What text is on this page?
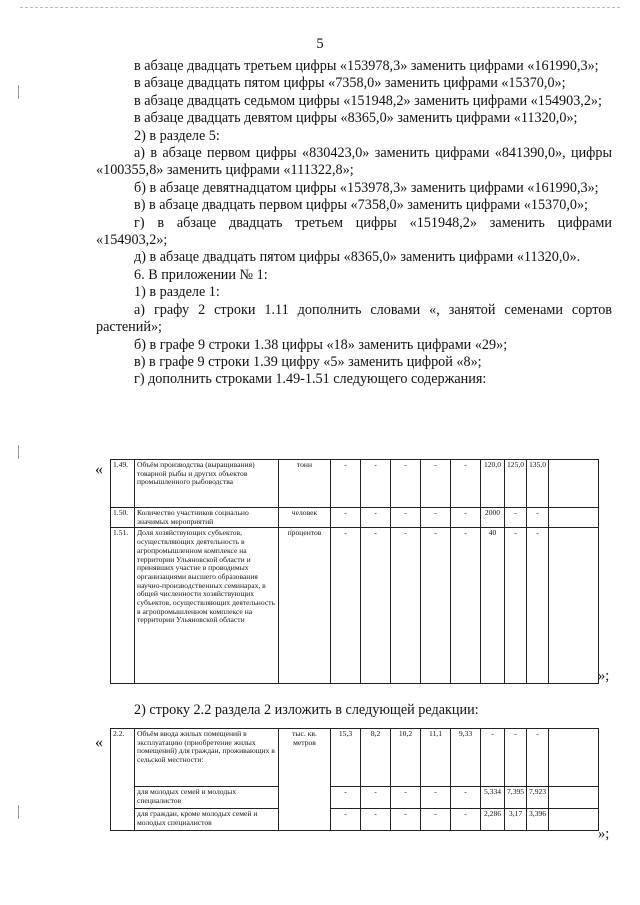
5

в абзаце двадцать третьем цифры «153978,3» заменить цифрами «161990,3»;

в абзаце двадцать пятом цифры «7358,0» заменить цифрами «15370,0»;

в абзаце двадцать седьмом цифры «151948,2» заменить цифрами «154903,2»;

в абзаце двадцать девятом цифры «8365,0» заменить цифрами «11320,0»;

2) в разделе 5:

а) в абзаце первом цифры «830423,0» заменить цифрами «841390,0», цифры «100355,8» заменить цифрами «111322,8»;

б) в абзаце девятнадцатом цифры «153978,3» заменить цифрами «161990,3»;

в) в абзаце двадцать первом цифры «7358,0» заменить цифрами «15370,0»;

г) в абзаце двадцать третьем цифры «151948,2» заменить цифрами «154903,2»;

д) в абзаце двадцать пятом цифры «8365,0» заменить цифрами «11320,0».

6. В приложении № 1:

1) в разделе 1:

а) графу 2 строки 1.11 дополнить словами «, занятой семенами сортов растений»;

б) в графе 9 строки 1.38 цифры «18» заменить цифрами «29»;

в) в графе 9 строки 1.39 цифру «5» заменить цифрой «8»;

г) дополнить строками 1.49-1.51 следующего содержания:

« 1.49.	Объём производства (выращивания) товарной рыбы и других объектов промышленного рыбоводства	тонн	-	-	-	-	-	120,0	125,0	135,0	
1.50.	Количество участников социально значимых мероприятий	человек	-	-	-	-	-	2000	-	-	
1.51.	Доля хозяйствующих субъектов, осуществляющих деятельность в агропромышленном комплексе на территории Ульяновской области и принявших участие в проводимых организациями высшего образования научно-производственных семинарах, в общей численности хозяйствующих субъектов, осуществляющих деятельность в агропромышленном комплексе на территории Ульяновской области	процентов	-	-	-	-	-	40	-	-	
»;
2) строку 2.2 раздела 2 изложить в следующей редакции:
«
2.2.	Объём ввода жилых помещений в эксплуатацию (приобретение жилых помещений) для граждан, проживающих в сельской местности:	тыс. кв. метров	15,3	8,2	10,2	11,1	9,33	-	-	-	
	для молодых семей и молодых специалистов		-	-	-	-	-	5,334	7,395	7,923	
	для граждан, кроме молодых семей и молодых специалистов		-	-	-	-	-	2,286	3,17	3,396	
»;
